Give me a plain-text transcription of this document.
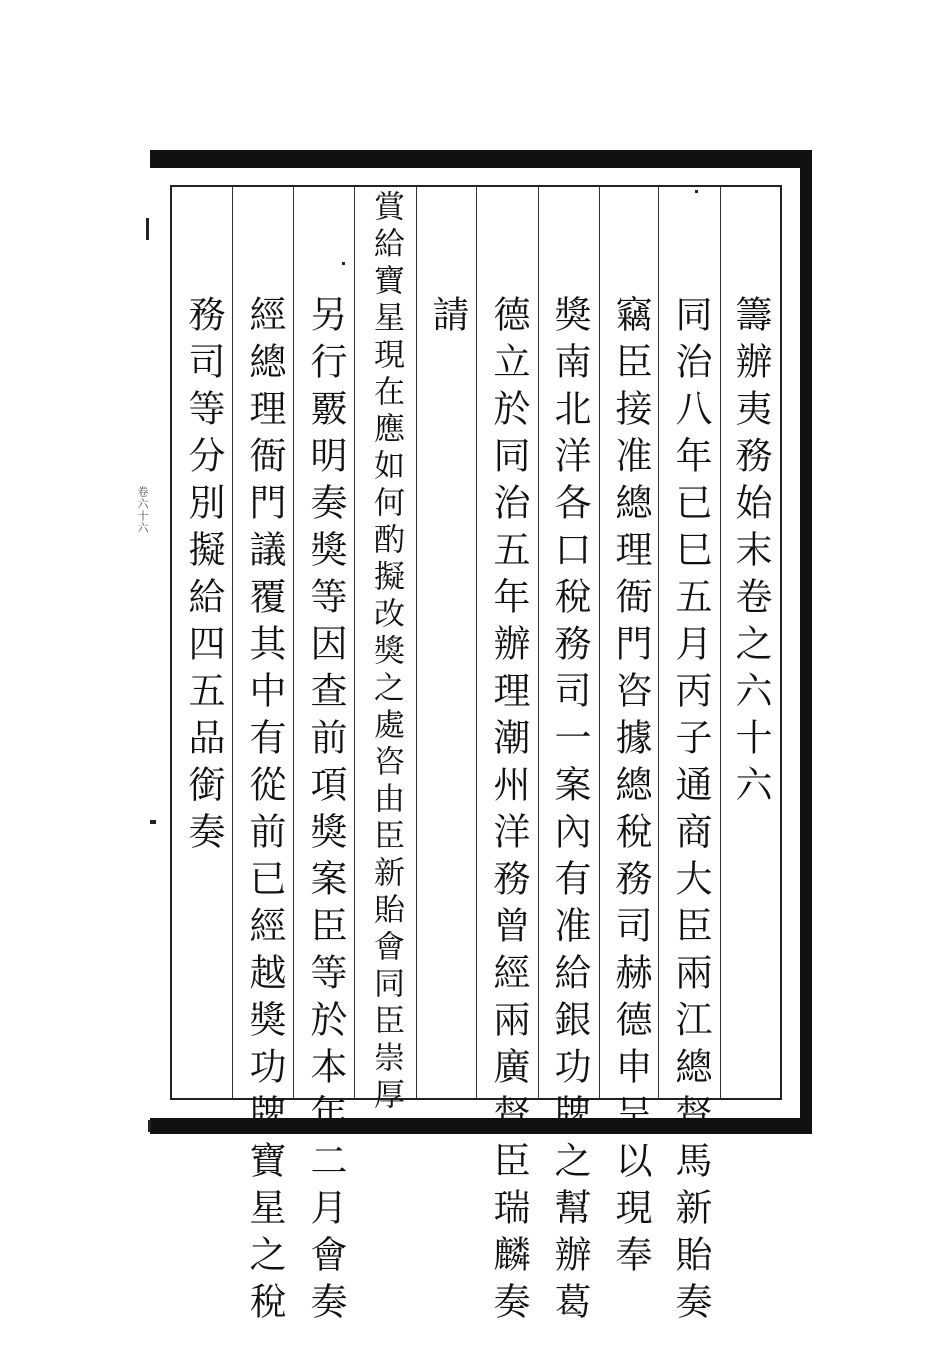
籌辦夷務始末卷之六十六
同治八年已巳五月丙子通商大臣兩江總督馬新貽奏
竊臣接准總理衙門咨據總稅務司赫德申呈以現奉
獎南北洋各口稅務司一案內有准給銀功牌之幫辦葛
德立於同治五年辦理潮州洋務曾經兩廣督臣瑞麟奏
請
賞給寶星現在應如何酌擬改獎之處咨由臣新貽會同臣崇厚
另行覈明奏獎等因查前項獎案臣等於本年二月會奏
經總理衙門議覆其中有從前已經越獎功牌寶星之稅
務司等分別擬給四五品銜奏
卷六十六
